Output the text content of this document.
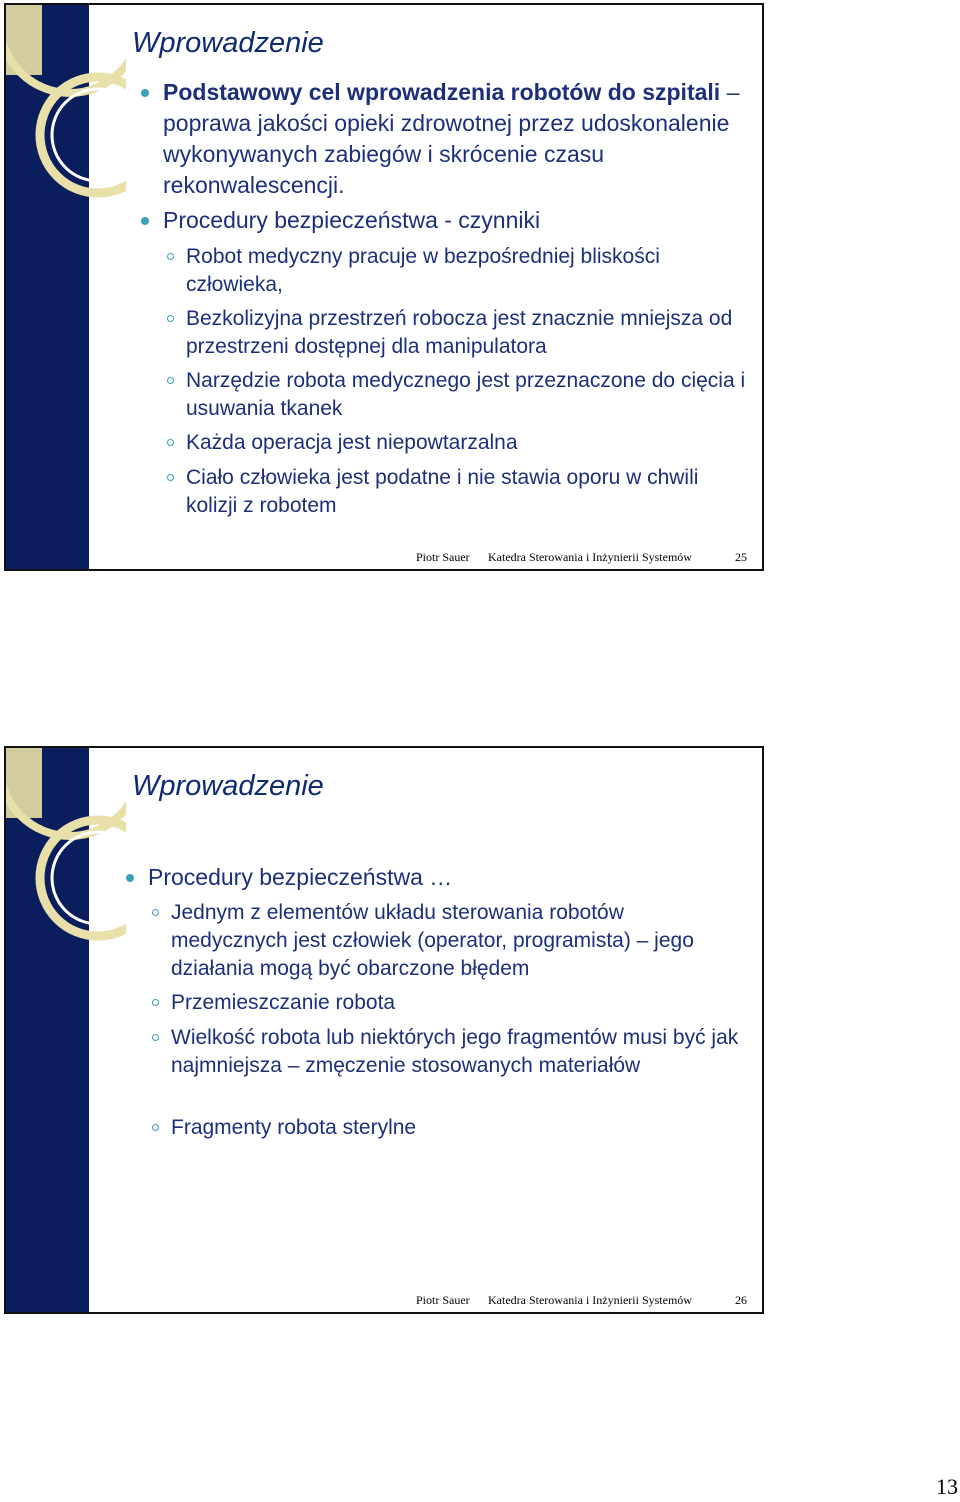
Wprowadzenie
Podstawowy cel wprowadzenia robotów do szpitali – poprawa jakości opieki zdrowotnej przez udoskonalenie wykonywanych zabiegów i skrócenie czasu rekonwalescencji.
Procedury bezpieczeństwa - czynniki
Robot medyczny pracuje w bezpośredniej bliskości człowieka,
Bezkolizyjna przestrzeń robocza jest znacznie mniejsza od przestrzeni dostępnej dla manipulatora
Narzędzie robota medycznego jest przeznaczone do cięcia i usuwania tkanek
Każda operacja jest niepowtarzalna
Ciało człowieka jest podatne i nie stawia oporu w chwili kolizji z robotem
Piotr Sauer Katedra Sterowania i Inżynierii Systemów	25
Wprowadzenie
Procedury bezpieczeństwa …
Jednym z elementów układu sterowania robotów medycznych jest człowiek (operator, programista) – jego działania mogą być obarczone błędem
Przemieszczanie robota
Wielkość robota lub niektórych jego fragmentów musi być jak najmniejsza – zmęczenie stosowanych materiałów
Fragmenty robota sterylne
Piotr Sauer Katedra Sterowania i Inżynierii Systemów	26
13
